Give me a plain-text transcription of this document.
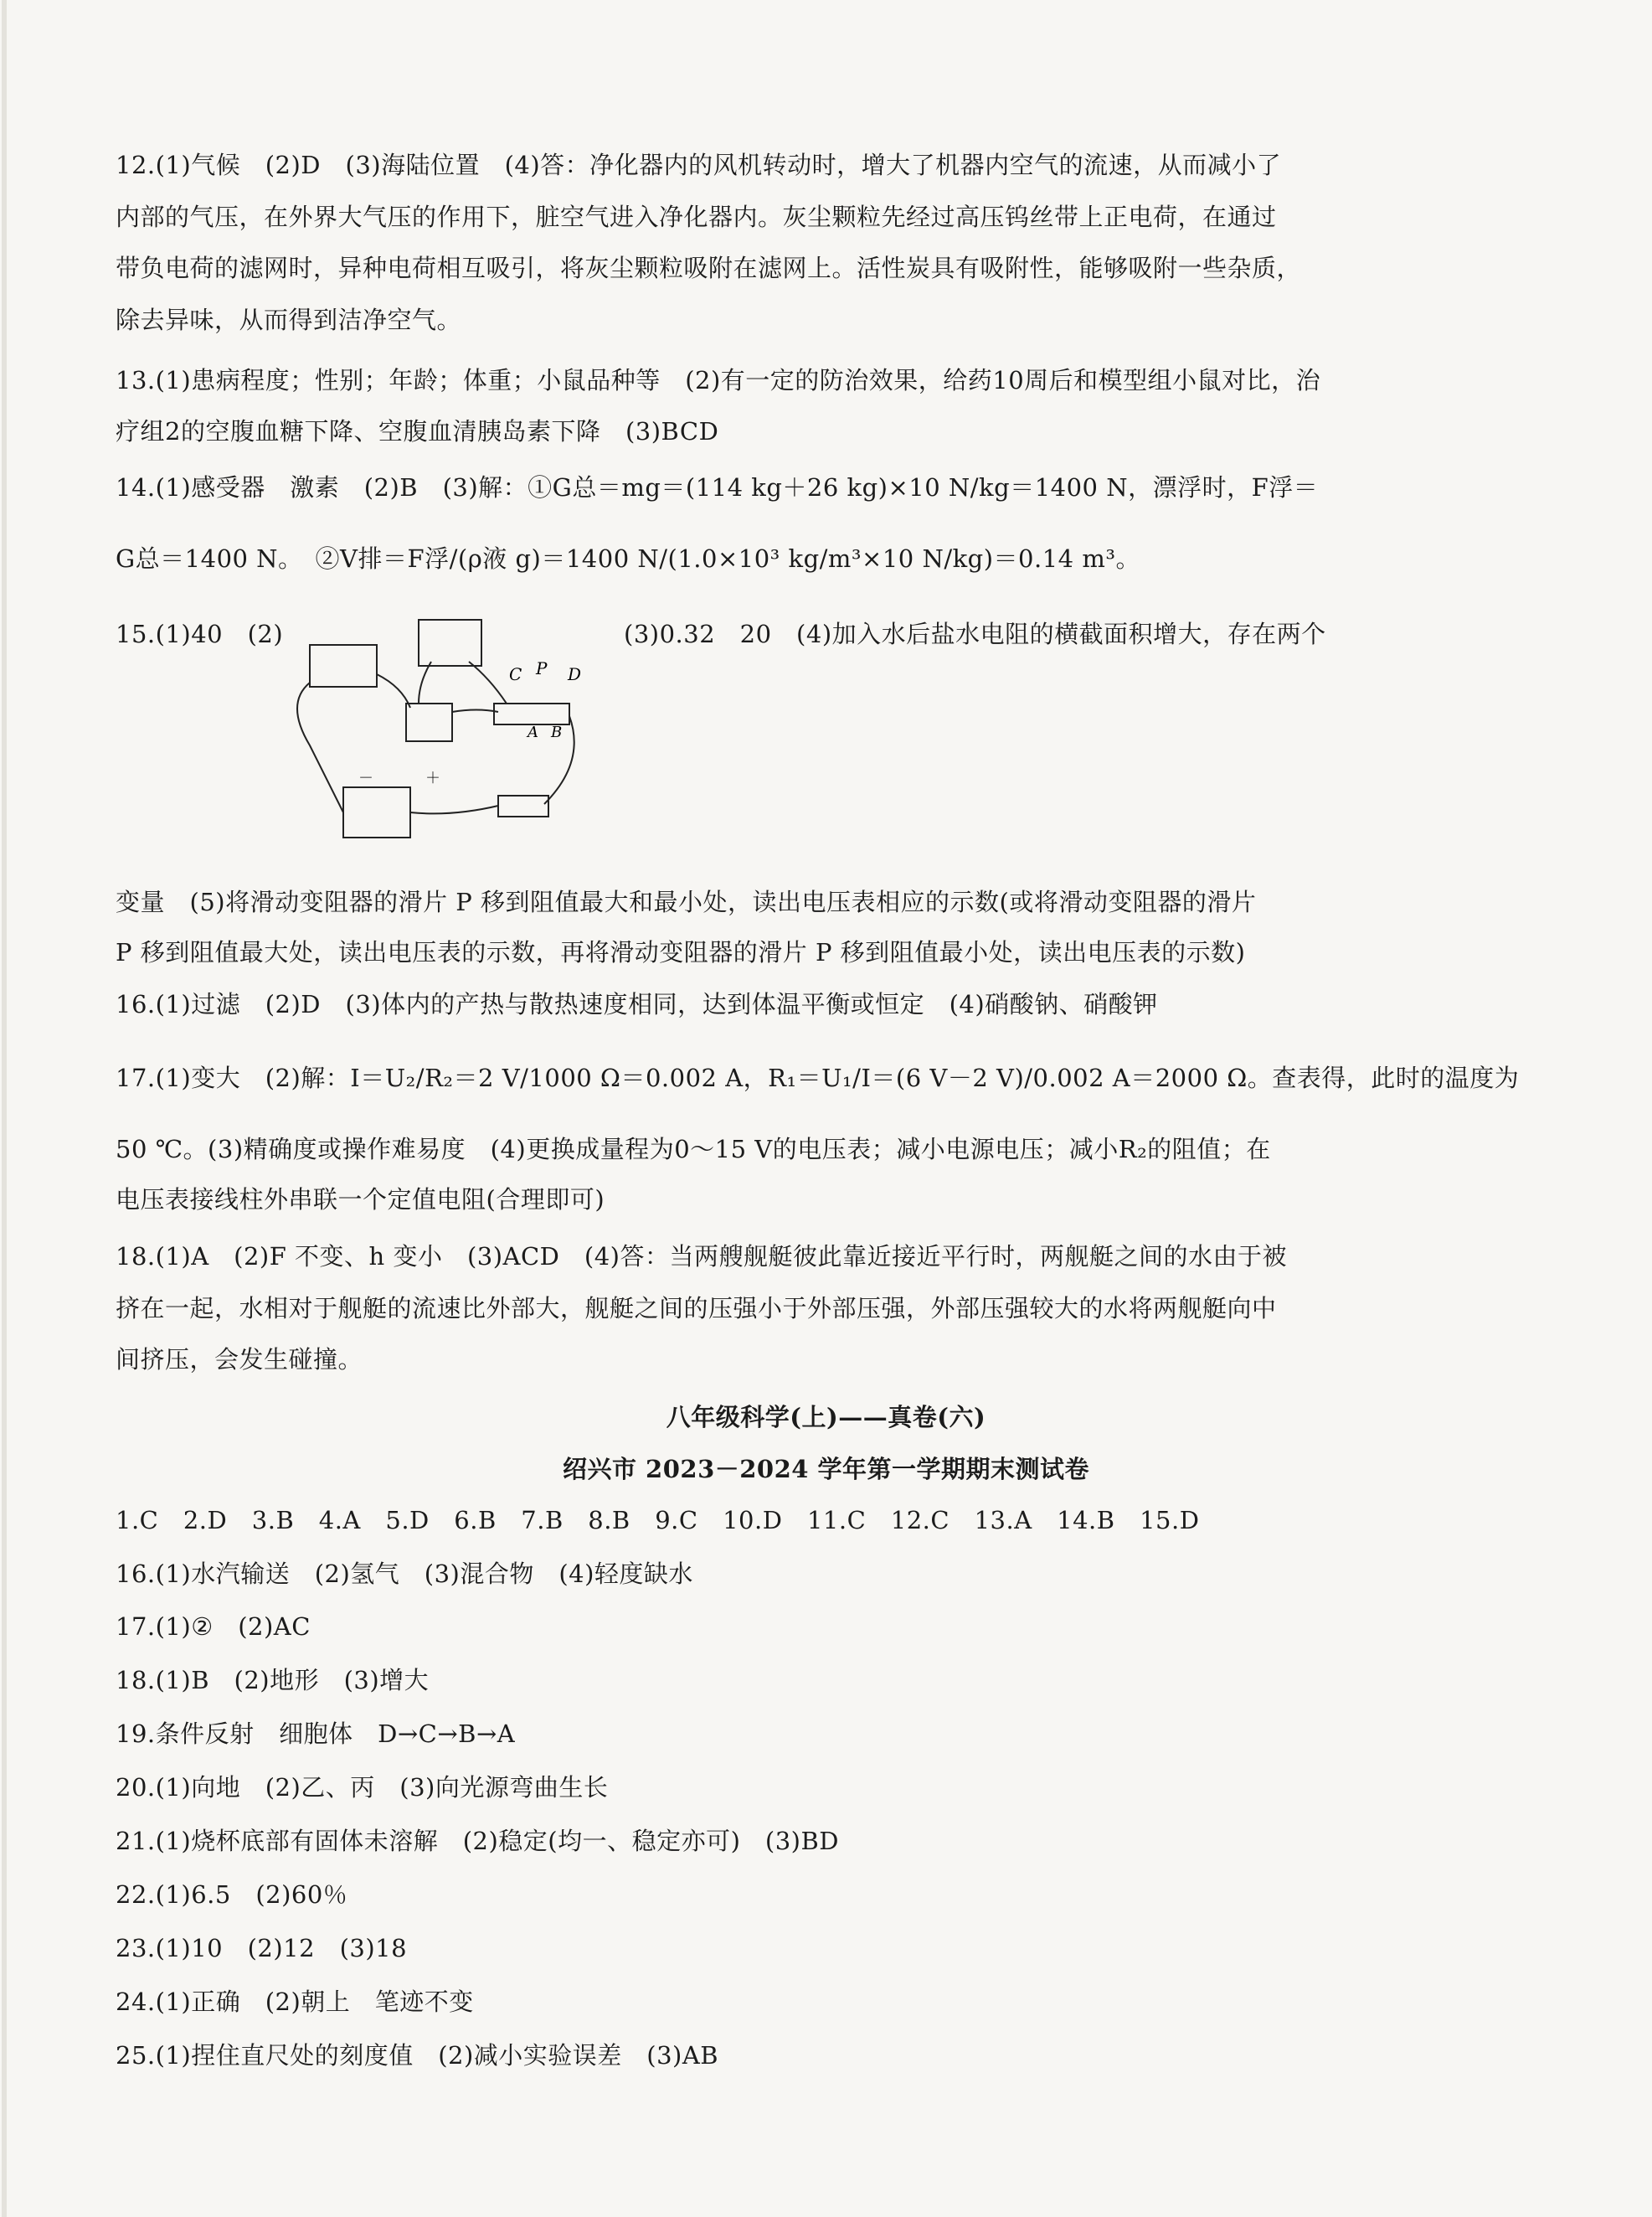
12.(1)气候　(2)D　(3)海陆位置　(4)答：净化器内的风机转动时，增大了机器内空气的流速，从而减小了
内部的气压，在外界大气压的作用下，脏空气进入净化器内。灰尘颗粒先经过高压钨丝带上正电荷，在通过
带负电荷的滤网时，异种电荷相互吸引，将灰尘颗粒吸附在滤网上。活性炭具有吸附性，能够吸附一些杂质，
除去异味，从而得到洁净空气。
13.(1)患病程度；性别；年龄；体重；小鼠品种等　(2)有一定的防治效果，给药10周后和模型组小鼠对比，治
疗组2的空腹血糖下降、空腹血清胰岛素下降　(3)BCD
14.(1)感受器　激素　(2)B　(3)解：①G总＝mg＝(114 kg＋26 kg)×10 N/kg＝1400 N，漂浮时，F浮＝
G总＝1400 N。　②V排＝F浮/(ρ液 g)＝1400 N/(1.0×10³ kg/m³×10 N/kg)＝0.14 m³。
15.(1)40　(2)	(3)0.32　20　(4)加入水后盐水电阻的横截面积增大，存在两个
C P D
A B
－	＋
变量　(5)将滑动变阻器的滑片 P 移到阻值最大和最小处，读出电压表相应的示数(或将滑动变阻器的滑片
P 移到阻值最大处，读出电压表的示数，再将滑动变阻器的滑片 P 移到阻值最小处，读出电压表的示数)
16.(1)过滤　(2)D　(3)体内的产热与散热速度相同，达到体温平衡或恒定　(4)硝酸钠、硝酸钾
17.(1)变大　(2)解：I＝U₂/R₂＝2 V/1000 Ω＝0.002 A，R₁＝U₁/I＝(6 V－2 V)/0.002 A＝2000 Ω。查表得，此时的温度为
50 ℃。(3)精确度或操作难易度　(4)更换成量程为0～15 V的电压表；减小电源电压；减小R₂的阻值；在
电压表接线柱外串联一个定值电阻(合理即可)
18.(1)A　(2)F 不变、h 变小　(3)ACD　(4)答：当两艘舰艇彼此靠近接近平行时，两舰艇之间的水由于被
挤在一起，水相对于舰艇的流速比外部大，舰艇之间的压强小于外部压强，外部压强较大的水将两舰艇向中
间挤压，会发生碰撞。
八年级科学(上)——真卷(六)
绍兴市 2023－2024 学年第一学期期末测试卷
1.C　2.D　3.B　4.A　5.D　6.B　7.B　8.B　9.C　10.D　11.C　12.C　13.A　14.B　15.D
16.(1)水汽输送　(2)氢气　(3)混合物　(4)轻度缺水
17.(1)②　(2)AC
18.(1)B　(2)地形　(3)增大
19.条件反射　细胞体　D→C→B→A
20.(1)向地　(2)乙、丙　(3)向光源弯曲生长
21.(1)烧杯底部有固体未溶解　(2)稳定(均一、稳定亦可)　(3)BD
22.(1)6.5　(2)60％
23.(1)10　(2)12　(3)18
24.(1)正确　(2)朝上　笔迹不变
25.(1)捏住直尺处的刻度值　(2)减小实验误差　(3)AB
